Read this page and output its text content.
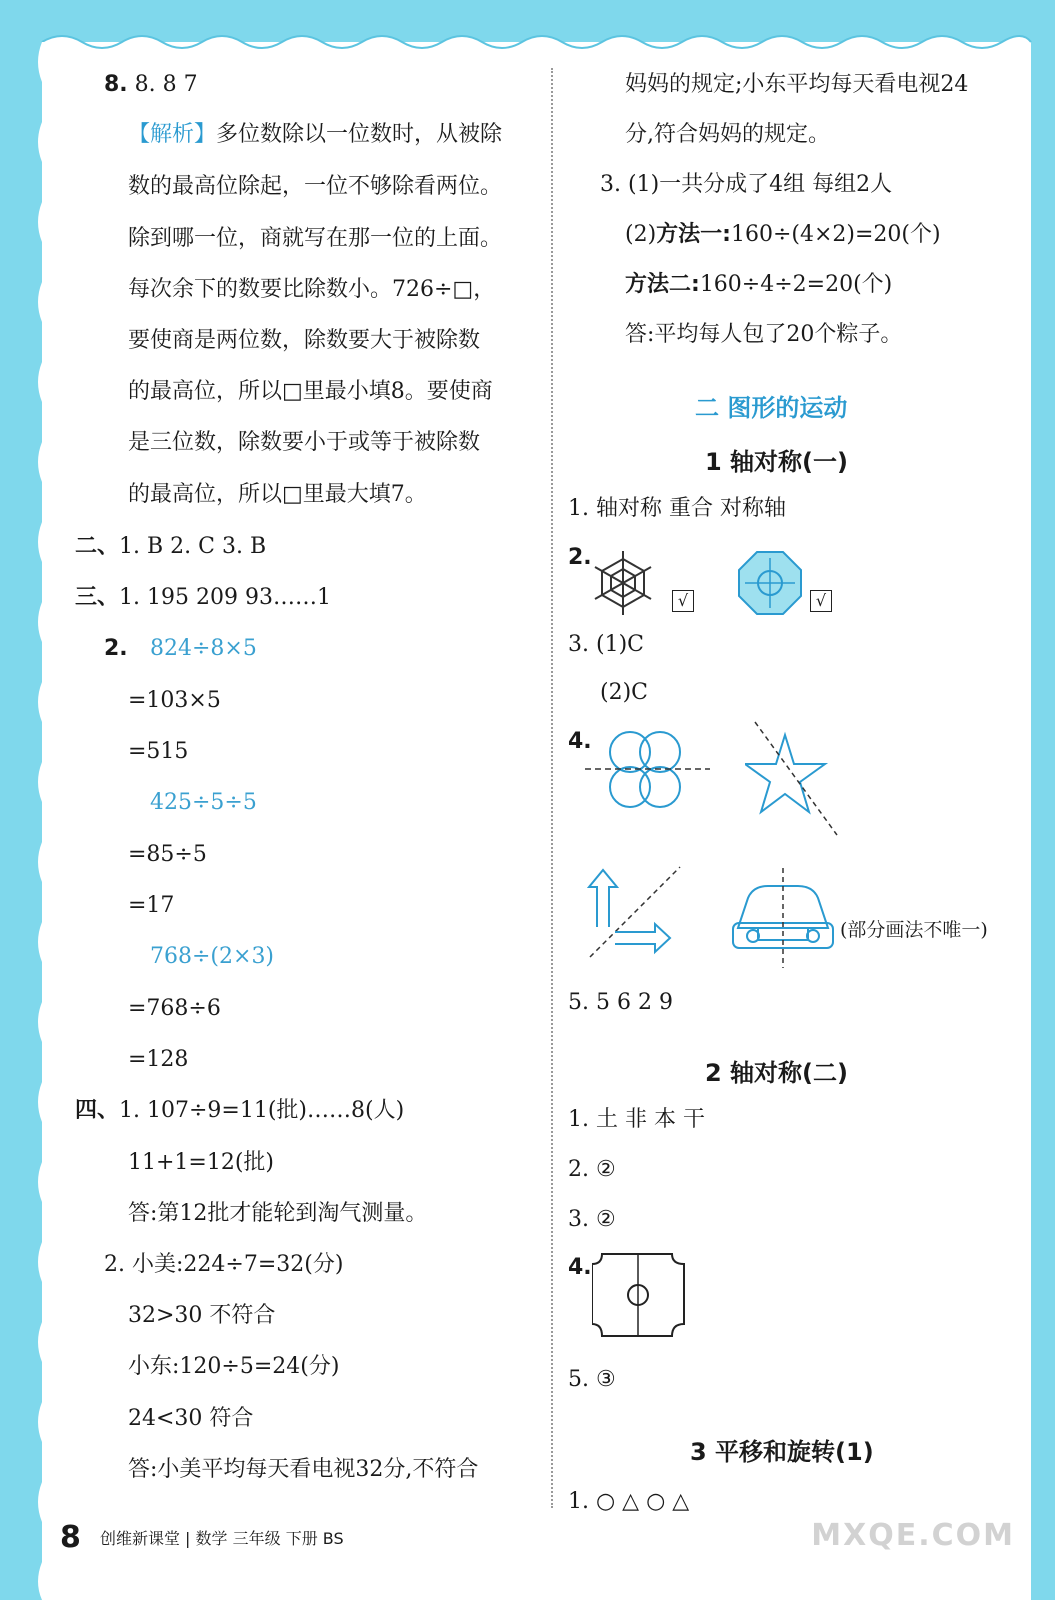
8. 8. 8 7
【解析】多位数除以一位数时，从被除
数的最高位除起，一位不够除看两位。
除到哪一位，商就写在那一位的上面。
每次余下的数要比除数小。726÷□，
要使商是两位数，除数要大于被除数
的最高位，所以□里最小填8。要使商
是三位数，除数要小于或等于被除数
的最高位，所以□里最大填7。
二、1. B 2. C 3. B
三、1. 195 209 93……1
2. 824÷8×5
=103×5
=515
425÷5÷5
=85÷5
=17
768÷(2×3)
=768÷6
=128
四、1. 107÷9=11(批)……8(人)
11+1=12(批)
答:第12批才能轮到淘气测量。
2. 小美:224÷7=32(分)
32>30 不符合
小东:120÷5=24(分)
24<30 符合
答:小美平均每天看电视32分,不符合
妈妈的规定;小东平均每天看电视24
分,符合妈妈的规定。
3. (1)一共分成了4组 每组2人
(2)方法一:160÷(4×2)=20(个)
方法二:160÷4÷2=20(个)
答:平均每人包了20个粽子。
二 图形的运动
1 轴对称(一)
1. 轴对称 重合 对称轴
2.
√	√
3. (1)C
(2)C
4.
(部分画法不唯一)
5. 5 6 2 9
2 轴对称(二)
1. 土 非 本 干
2. ②
3. ②
4.
5. ③
3 平移和旋转(1)
1. ○ △ ○ △
8 创维新课堂 | 数学 三年级 下册 BS	MXQE.COM
